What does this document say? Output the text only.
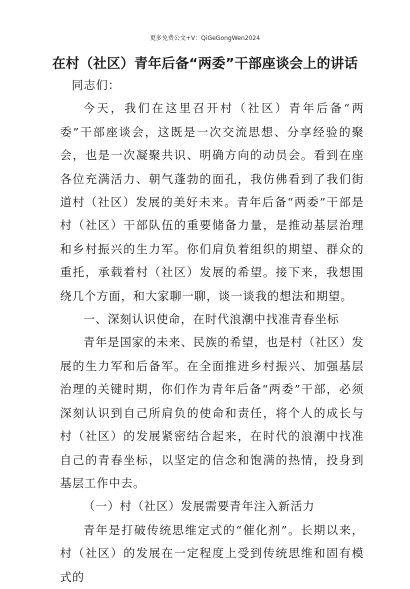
更多免费公文+V：QiGeGongWen2024
在村（社区）青年后备“两委”干部座谈会上的讲话

同志们：

今天，我们在这里召开村（社区）青年后备“两委”干部座谈会，这既是一次交流思想、分享经验的聚会，也是一次凝聚共识、明确方向的动员会。看到在座各位充满活力、朝气蓬勃的面孔，我仿佛看到了我们街道村（社区）发展的美好未来。青年后备“两委”干部是村（社区）干部队伍的重要储备力量，是推动基层治理和乡村振兴的生力军。你们肩负着组织的期望、群众的重托，承载着村（社区）发展的希望。接下来，我想围绕几个方面，和大家聊一聊，谈一谈我的想法和期望。

一、深刻认识使命，在时代浪潮中找准青春坐标

青年是国家的未来、民族的希望，也是村（社区）发展的生力军和后备军。在全面推进乡村振兴、加强基层治理的关键时期，你们作为青年后备“两委”干部，必须深刻认识到自己所肩负的使命和责任，将个人的成长与村（社区）的发展紧密结合起来，在时代的浪潮中找准自己的青春坐标，以坚定的信念和饱满的热情，投身到基层工作中去。

（一）村（社区）发展需要青年注入新活力

青年是打破传统思维定式的“催化剂”。长期以来，村（社区）的发展在一定程度上受到传统思维和固有模式的
